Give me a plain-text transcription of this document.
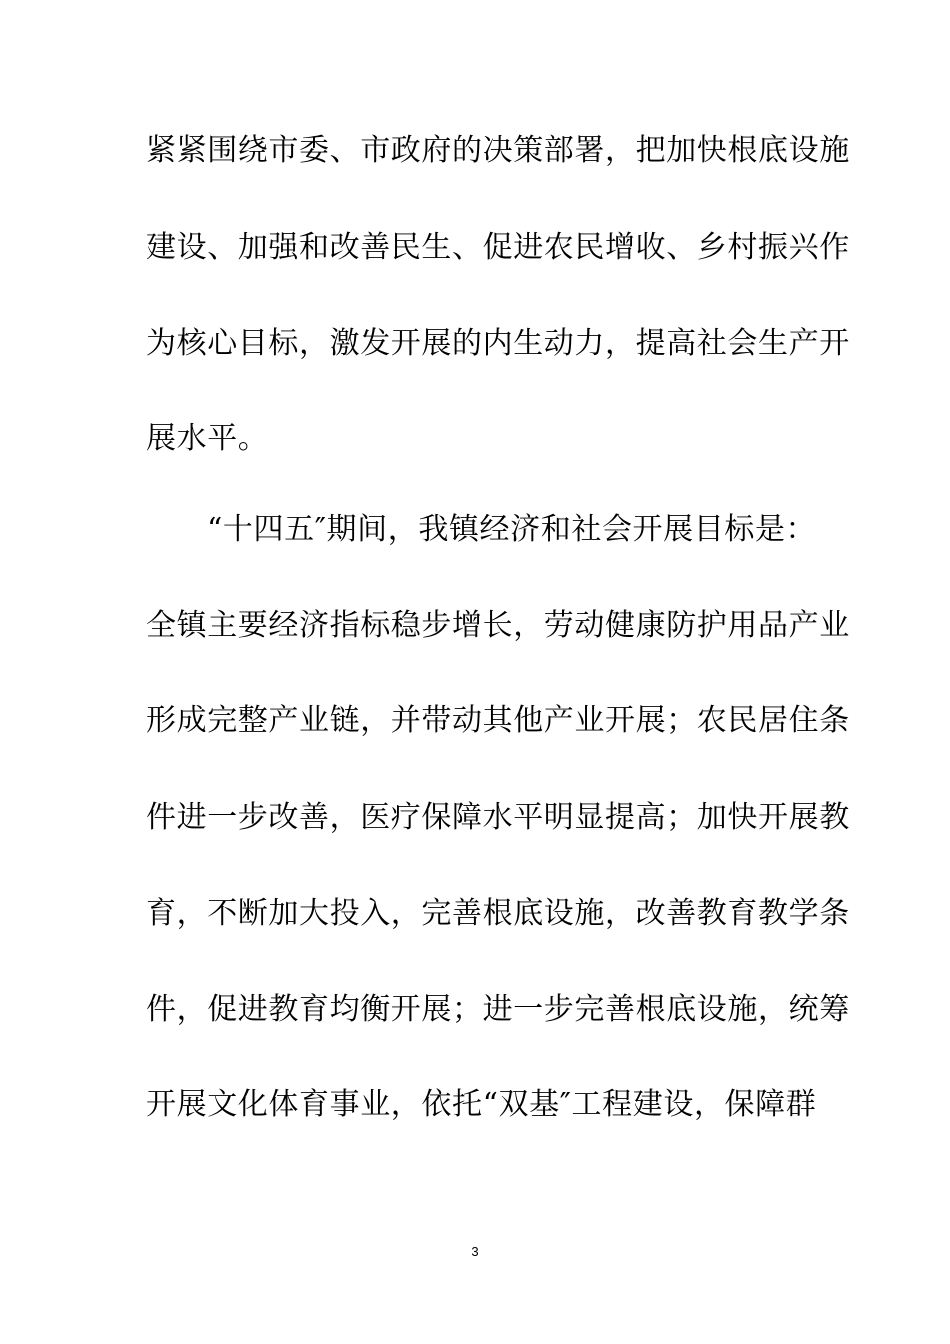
紧紧围绕市委、市政府的决策部署，把加快根底设施
建设、加强和改善民生、促进农民增收、乡村振兴作
为核心目标，激发开展的内生动力，提高社会生产开
展水平。
“十四五″期间，我镇经济和社会开展目标是：
全镇主要经济指标稳步增长，劳动健康防护用品产业
形成完整产业链，并带动其他产业开展；农民居住条
件进一步改善，医疗保障水平明显提高；加快开展教
育，不断加大投入，完善根底设施，改善教育教学条
件，促进教育均衡开展；进一步完善根底设施，统筹
开展文化体育事业，依托“双基″工程建设，保障群
3
